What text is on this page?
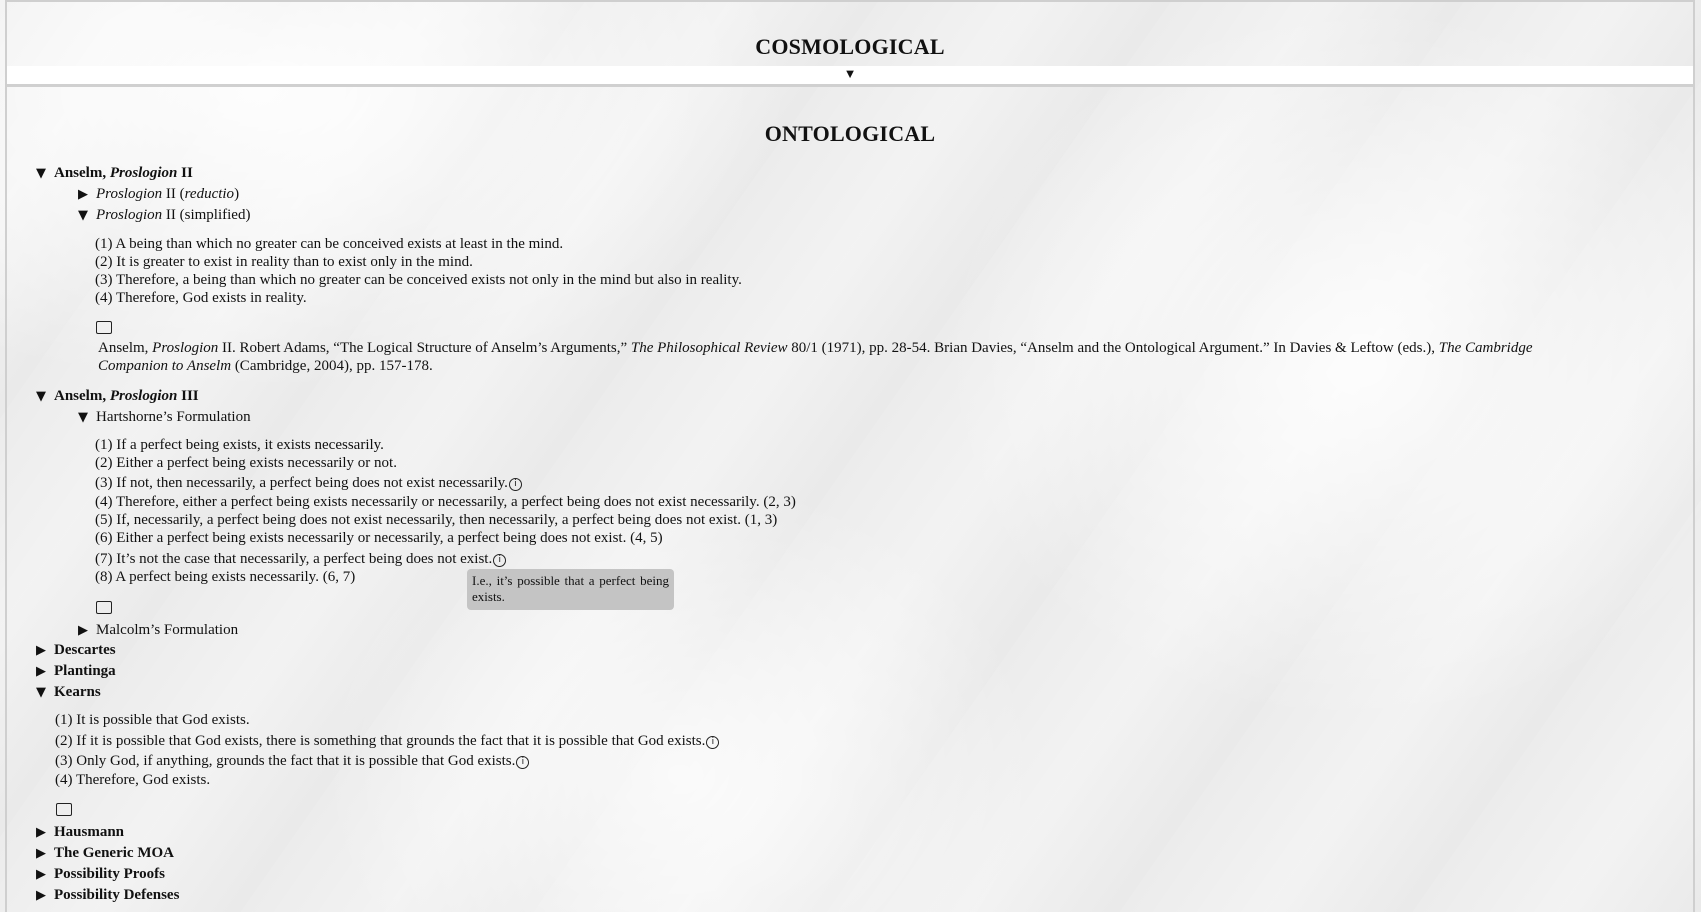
COSMOLOGICAL
▼
ONTOLOGICAL
▼ Anselm, Proslogion II
▶ Proslogion II (reductio)
▼ Proslogion II (simplified)
(1) A being than which no greater can be conceived exists at least in the mind.
(2) It is greater to exist in reality than to exist only in the mind.
(3) Therefore, a being than which no greater can be conceived exists not only in the mind but also in reality.
(4) Therefore, God exists in reality.
Anselm, Proslogion II. Robert Adams, “The Logical Structure of Anselm’s Arguments,” The Philosophical Review 80/1 (1971), pp. 28-54. Brian Davies, “Anselm and the Ontological Argument.” In Davies & Leftow (eds.), The Cambridge
Companion to Anselm (Cambridge, 2004), pp. 157-178.
▼ Anselm, Proslogion III
▼ Hartshorne’s Formulation
(1) If a perfect being exists, it exists necessarily.
(2) Either a perfect being exists necessarily or not.
(3) If not, then necessarily, a perfect being does not exist necessarily. i
(4) Therefore, either a perfect being exists necessarily or necessarily, a perfect being does not exist necessarily. (2, 3)
(5) If, necessarily, a perfect being does not exist necessarily, then necessarily, a perfect being does not exist. (1, 3)
(6) Either a perfect being exists necessarily or necessarily, a perfect being does not exist. (4, 5)
(7) It’s not the case that necessarily, a perfect being does not exist. i
(8) A perfect being exists necessarily. (6, 7)	I.e., it’s possible that a perfect being exists.
▶ Malcolm’s Formulation
▶ Descartes
▶ Plantinga
▼ Kearns
(1) It is possible that God exists.
(2) If it is possible that God exists, there is something that grounds the fact that it is possible that God exists. i
(3) Only God, if anything, grounds the fact that it is possible that God exists. i
(4) Therefore, God exists.
▶ Hausmann
▶ The Generic MOA
▶ Possibility Proofs
▶ Possibility Defenses
